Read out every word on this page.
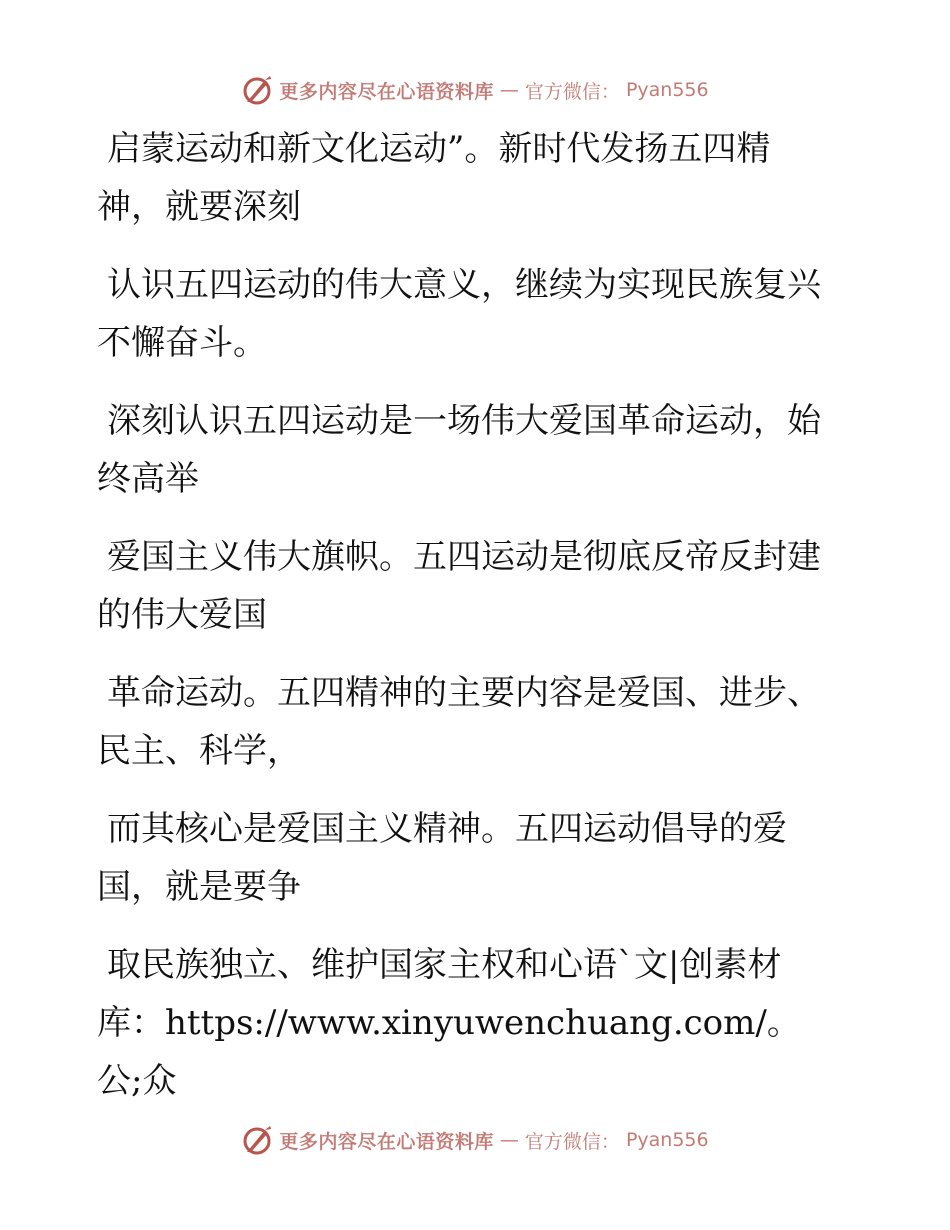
更多内容尽在心语资料库 — 官方微信： Pyan556

启蒙运动和新文化运动”。新时代发扬五四精
神，就要深刻

认识五四运动的伟大意义，继续为实现民族复兴
不懈奋斗。

深刻认识五四运动是一场伟大爱国革命运动，始
终高举

爱国主义伟大旗帜。五四运动是彻底反帝反封建
的伟大爱国

革命运动。五四精神的主要内容是爱国、进步、
民主、科学，

而其核心是爱国主义精神。五四运动倡导的爱
国，就是要争

取民族独立、维护国家主权和心语`文|创素材
库：https://www.xinyuwenchuang.com/。公;众

更多内容尽在心语资料库 — 官方微信： Pyan556
